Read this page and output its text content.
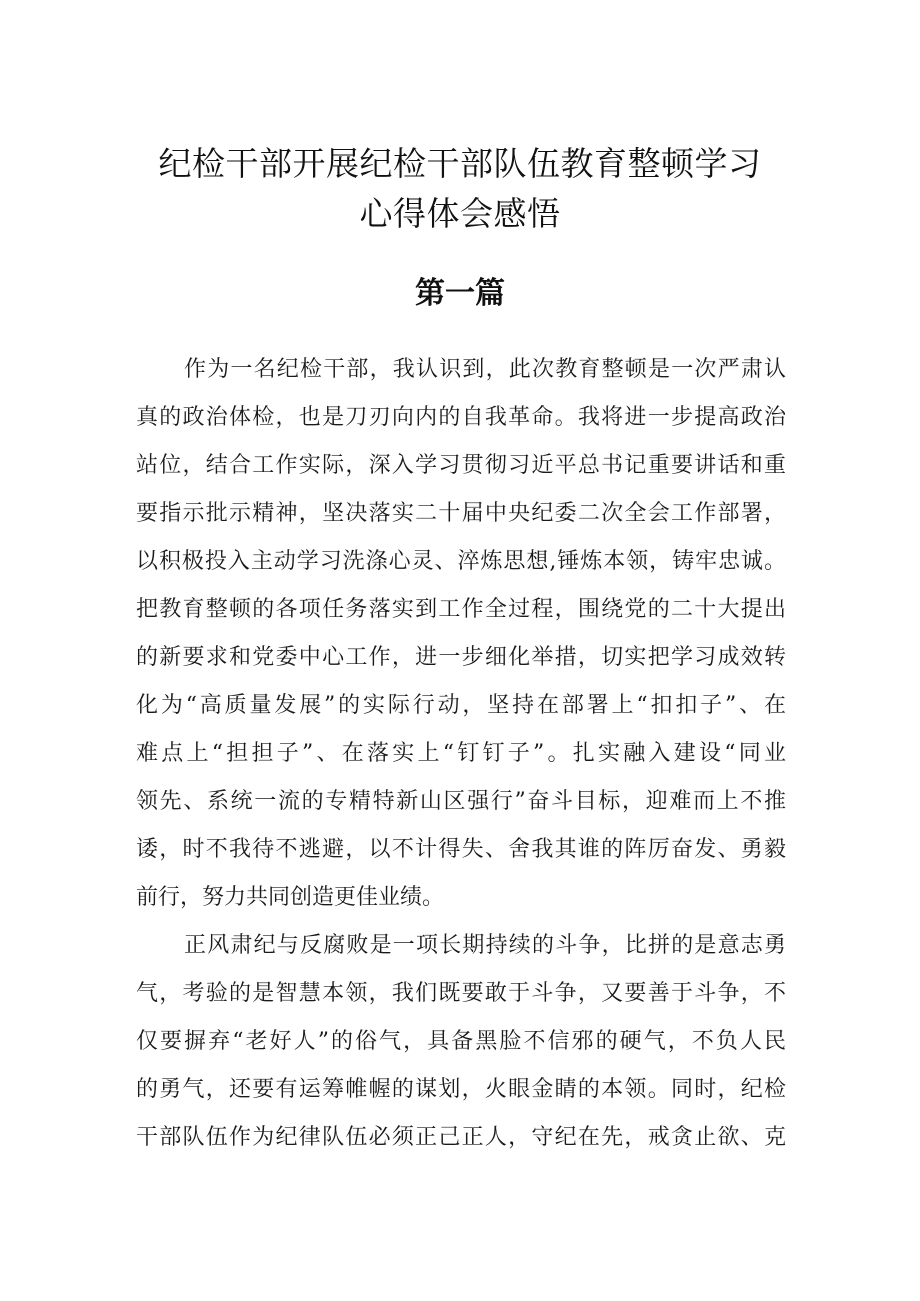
纪检干部开展纪检干部队伍教育整顿学习
心得体会感悟
第一篇
作为一名纪检干部，我认识到，此次教育整顿是一次严肃认
真的政治体检，也是刀刃向内的自我革命。我将进一步提高政治
站位，结合工作实际，深入学习贯彻习近平总书记重要讲话和重
要指示批示精神，坚决落实二十届中央纪委二次全会工作部署，
以积极投入主动学习洗涤心灵、淬炼思想,锤炼本领，铸牢忠诚。
把教育整顿的各项任务落实到工作全过程，围绕党的二十大提出
的新要求和党委中心工作，进一步细化举措，切实把学习成效转
化为“高质量发展”的实际行动，坚持在部署上“扣扣子”、在
难点上“担担子”、在落实上“钉钉子”。扎实融入建设“同业
领先、系统一流的专精特新山区强行”奋斗目标，迎难而上不推
诿，时不我待不逃避，以不计得失、舍我其谁的阵厉奋发、勇毅
前行，努力共同创造更佳业绩。
正风肃纪与反腐败是一项长期持续的斗争，比拼的是意志勇
气，考验的是智慧本领，我们既要敢于斗争，又要善于斗争，不
仅要摒弃“老好人”的俗气，具备黑脸不信邪的硬气，不负人民
的勇气，还要有运筹帷幄的谋划，火眼金睛的本领。同时，纪检
干部队伍作为纪律队伍必须正己正人，守纪在先，戒贪止欲、克
